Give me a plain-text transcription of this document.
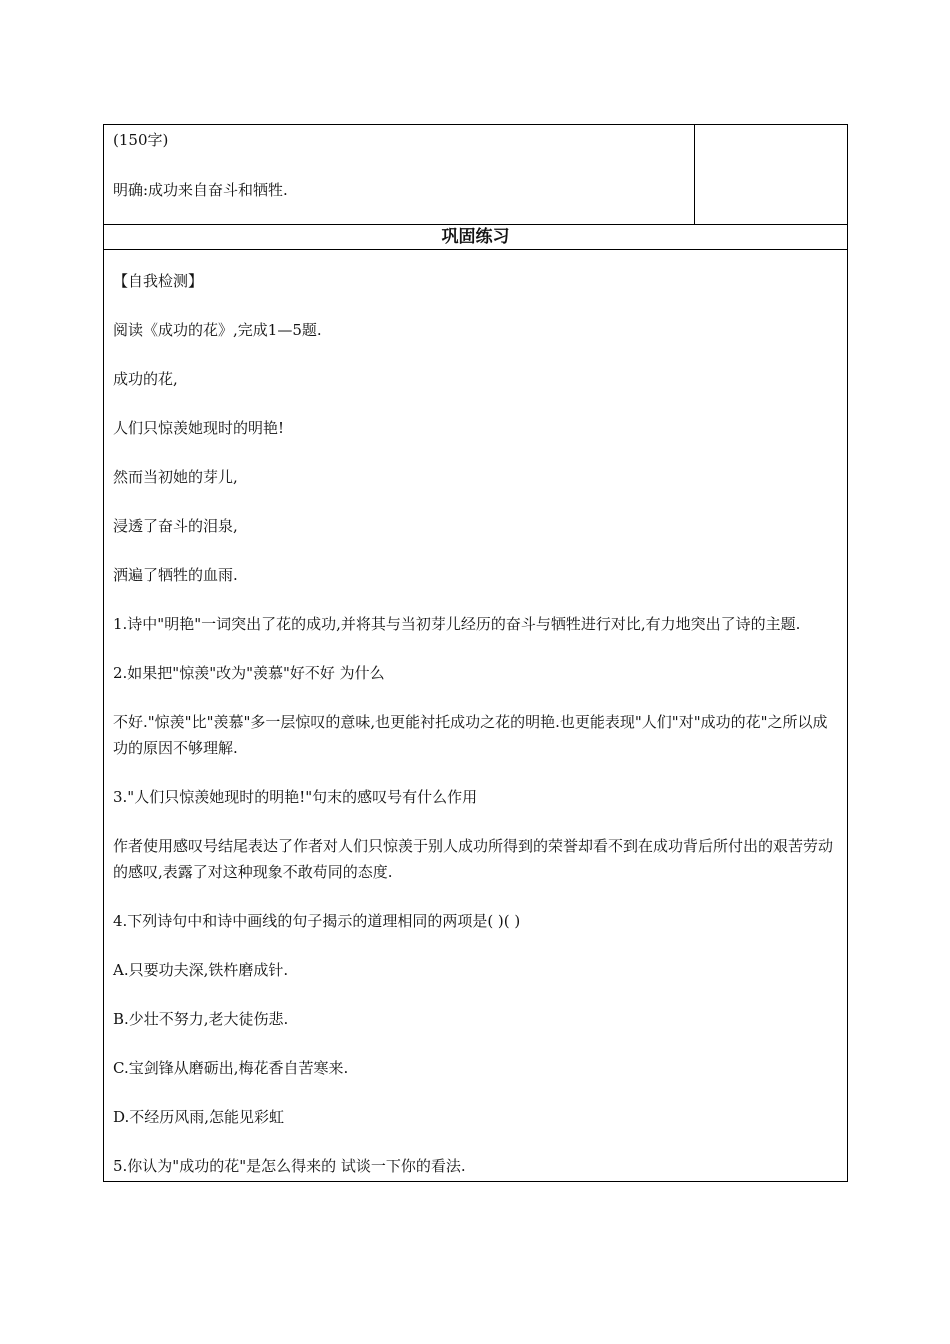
(150字)
明确:成功来自奋斗和牺牲.

巩固练习

【自我检测】

阅读《成功的花》,完成1—5题.

成功的花,

人们只惊羡她现时的明艳!

然而当初她的芽儿,

浸透了奋斗的泪泉,

洒遍了牺牲的血雨.

1.诗中"明艳"一词突出了花的成功,并将其与当初芽儿经历的奋斗与牺牲进行对比,有力地突出了诗的主题.

2.如果把"惊羡"改为"羡慕"好不好 为什么

不好."惊羡"比"羡慕"多一层惊叹的意味,也更能衬托成功之花的明艳.也更能表现"人们"对"成功的花"之所以成功的原因不够理解.

3."人们只惊羡她现时的明艳!"句末的感叹号有什么作用

作者使用感叹号结尾表达了作者对人们只惊羡于别人成功所得到的荣誉却看不到在成功背后所付出的艰苦劳动的感叹,表露了对这种现象不敢苟同的态度.

4.下列诗句中和诗中画线的句子揭示的道理相同的两项是( )( )

A.只要功夫深,铁杵磨成针.

B.少壮不努力,老大徒伤悲.

C.宝剑锋从磨砺出,梅花香自苦寒来.

D.不经历风雨,怎能见彩虹

5.你认为"成功的花"是怎么得来的 试谈一下你的看法.
